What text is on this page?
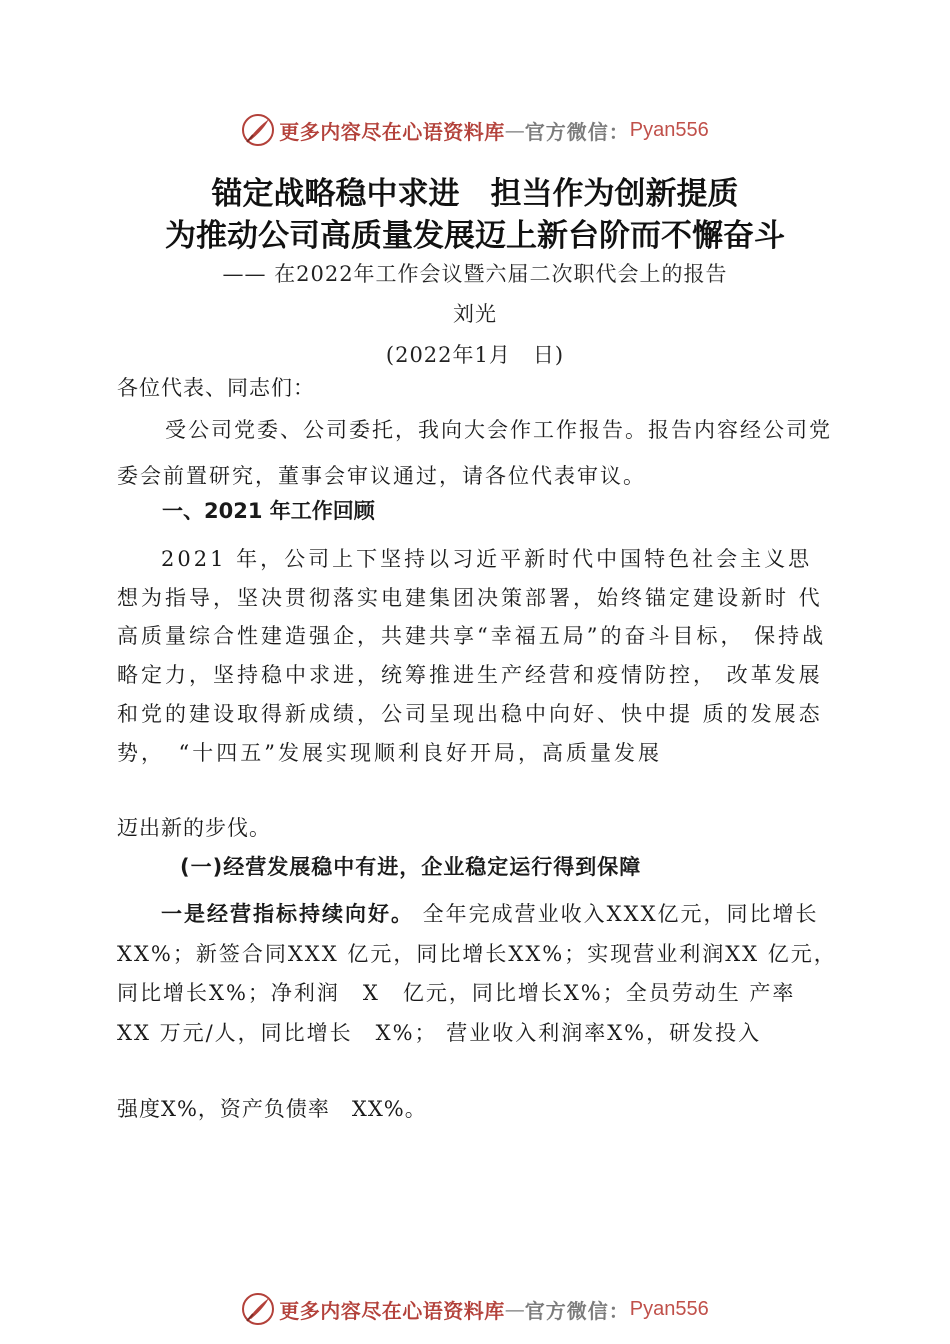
更多内容尽在心语资料库 — 官方微信： Pyan556
锚定战略稳中求进　担当作为创新提质
为推动公司高质量发展迈上新台阶而不懈奋斗
—— 在2022年工作会议暨六届二次职代会上的报告
刘光
(2022年1月　日)
各位代表、同志们：
受公司党委、公司委托，我向大会作工作报告。报告内容经公司党委会前置研究，董事会审议通过，请各位代表审议。
一、2021 年工作回顾
2021 年，公司上下坚持以习近平新时代中国特色社会主义思 想为指导，坚决贯彻落实电建集团决策部署，始终锚定建设新时 代高质量综合性建造强企，共建共享“幸福五局”的奋斗目标， 保持战略定力，坚持稳中求进，统筹推进生产经营和疫情防控， 改革发展和党的建设取得新成绩，公司呈现出稳中向好、快中提 质的发展态势，　“十四五”发展实现顺利良好开局，高质量发展
迈出新的步伐。
(一)经营发展稳中有进，企业稳定运行得到保障
一是经营指标持续向好。 全年完成营业收入XXX亿元，同比增长　XX%；新签合同XXX 亿元，同比增长XX%；实现营业利润XX 亿元，同比增长X%；净利润　X　亿元，同比增长X%；全员劳动生 产率　XX 万元/人，同比增长　X%； 营业收入利润率X%，研发投入
强度X%，资产负债率　XX%。
更多内容尽在心语资料库 — 官方微信： Pyan556
